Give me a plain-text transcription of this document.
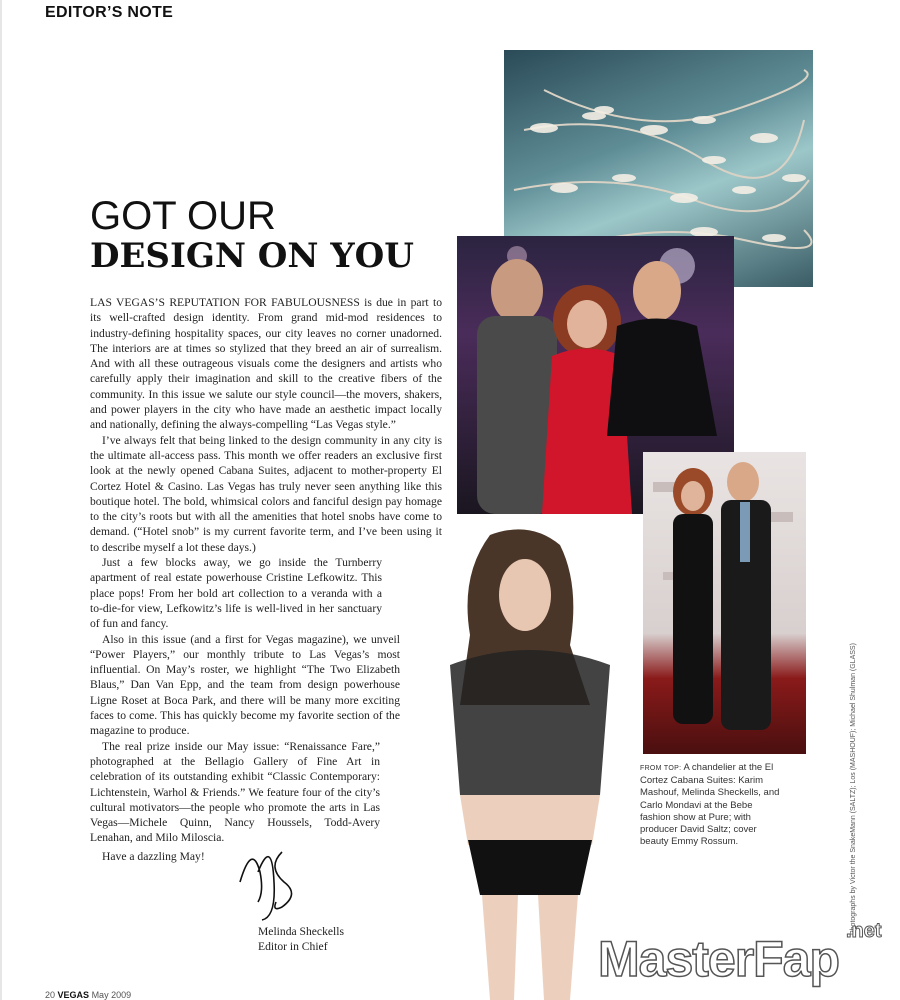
EDITOR’S NOTE
GOT OUR
DESIGN ON YOU

LAS VEGAS’S REPUTATION FOR FABULOUSNESS is due in part to its well-crafted design identity. From grand mid-mod residences to industry-defining hospitality spaces, our city leaves no corner unadorned. The interiors are at times so stylized that they breed an air of surrealism. And with all these outrageous visuals come the designers and artists who carefully apply their imagination and skill to the creative fibers of the community. In this issue we salute our style council—the movers, shakers, and power players in the city who have made an aesthetic impact locally and nationally, defining the always-compelling “Las Vegas style.”

I’ve always felt that being linked to the design community in any city is the ultimate all-access pass. This month we offer readers an exclusive first look at the newly opened Cabana Suites, adjacent to mother-property El Cortez Hotel & Casino. Las Vegas has truly never seen anything like this boutique hotel. The bold, whimsical colors and fanciful design pay homage to the city’s roots but with all the amenities that hotel snobs have come to demand. (“Hotel snob” is my current favorite term, and I’ve been using it to describe myself a lot these days.)

Just a few blocks away, we go inside the Turnberry apartment of real estate powerhouse Cristine Lefkowitz. This place pops! From her bold art collection to a veranda with a to-die-for view, Lefkowitz’s life is well-lived in her sanctuary of fun and fancy.

Also in this issue (and a first for Vegas magazine), we unveil “Power Players,” our monthly tribute to Las Vegas’s most influential. On May’s roster, we highlight “The Two Elizabeth Blaus,” Dan Van Epp, and the team from design powerhouse Ligne Roset at Boca Park, and there will be many more exciting faces to come. This has quickly become my favorite section of the magazine to produce.

The real prize inside our May issue: “Renaissance Fare,” photographed at the Bellagio Gallery of Fine Art in celebration of its outstanding exhibit “Classic Contemporary: Lichtenstein, Warhol & Friends.” We feature four of the city’s cultural motivators—the people who promote the arts in Las Vegas—Michele Quinn, Nancy Houssels, Todd-Avery Lenahan, and Milo Miloscia.

Have a dazzling May!
Melinda Sheckells
Editor in Chief
FROM TOP: A chandelier at the El Cortez Cabana Suites: Karim Mashouf, Melinda Sheckells, and Carlo Mondavi at the Bebe fashion show at Pure; with producer David Saltz; cover beauty Emmy Rossum.	Photographs by Victor the SnakeMann (SALTZ); Los (MASHOUF); Michael Shulman (GLASS)
MasterFap .net
20 VEGAS May 2009
